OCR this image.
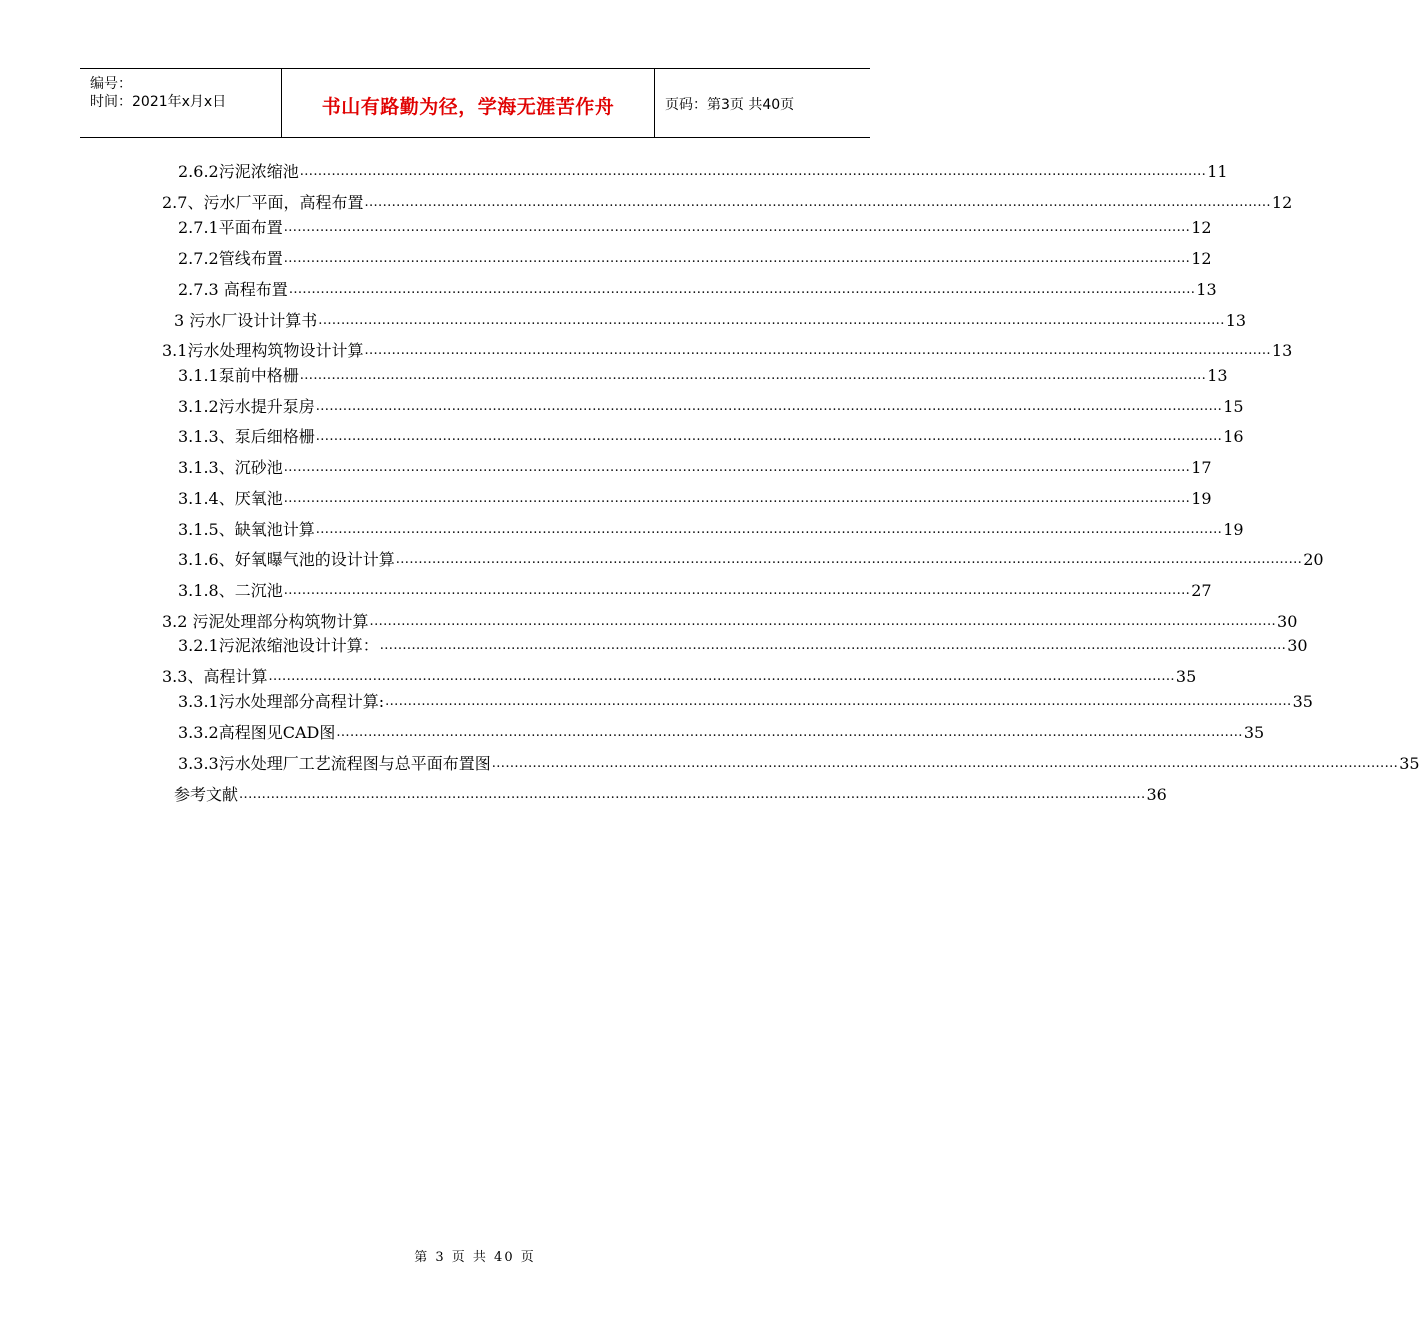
编号：
时间：2021年x月x日	书山有路勤为径，学海无涯苦作舟	页码：第3页 共40页
2.6.2污泥浓缩池 ........................................................................................................................................................................................................ 11
2.7、污水厂平面，高程布置 ........................................................................................................................................................................................................ 12
2.7.1平面布置 ........................................................................................................................................................................................................ 12
2.7.2管线布置 ........................................................................................................................................................................................................ 12
2.7.3 高程布置 ........................................................................................................................................................................................................ 13
3 污水厂设计计算书 ........................................................................................................................................................................................................ 13
3.1污水处理构筑物设计计算 ........................................................................................................................................................................................................ 13
3.1.1泵前中格栅 ........................................................................................................................................................................................................ 13
3.1.2污水提升泵房 ........................................................................................................................................................................................................ 15
3.1.3、泵后细格栅 ........................................................................................................................................................................................................ 16
3.1.3、沉砂池 ........................................................................................................................................................................................................ 17
3.1.4、厌氧池 ........................................................................................................................................................................................................ 19
3.1.5、缺氧池计算 ........................................................................................................................................................................................................ 19
3.1.6、好氧曝气池的设计计算 ........................................................................................................................................................................................................ 20
3.1.8、二沉池 ........................................................................................................................................................................................................ 27
3.2 污泥处理部分构筑物计算 ........................................................................................................................................................................................................ 30
3.2.1污泥浓缩池设计计算： ........................................................................................................................................................................................................ 30
3.3、高程计算 ........................................................................................................................................................................................................ 35
3.3.1污水处理部分高程计算: ........................................................................................................................................................................................................ 35
3.3.2高程图见CAD图 ........................................................................................................................................................................................................ 35
3.3.3污水处理厂工艺流程图与总平面布置图 ........................................................................................................................................................................................................ 35
参考文献 ........................................................................................................................................................................................................ 36
第 3 页 共 40 页
